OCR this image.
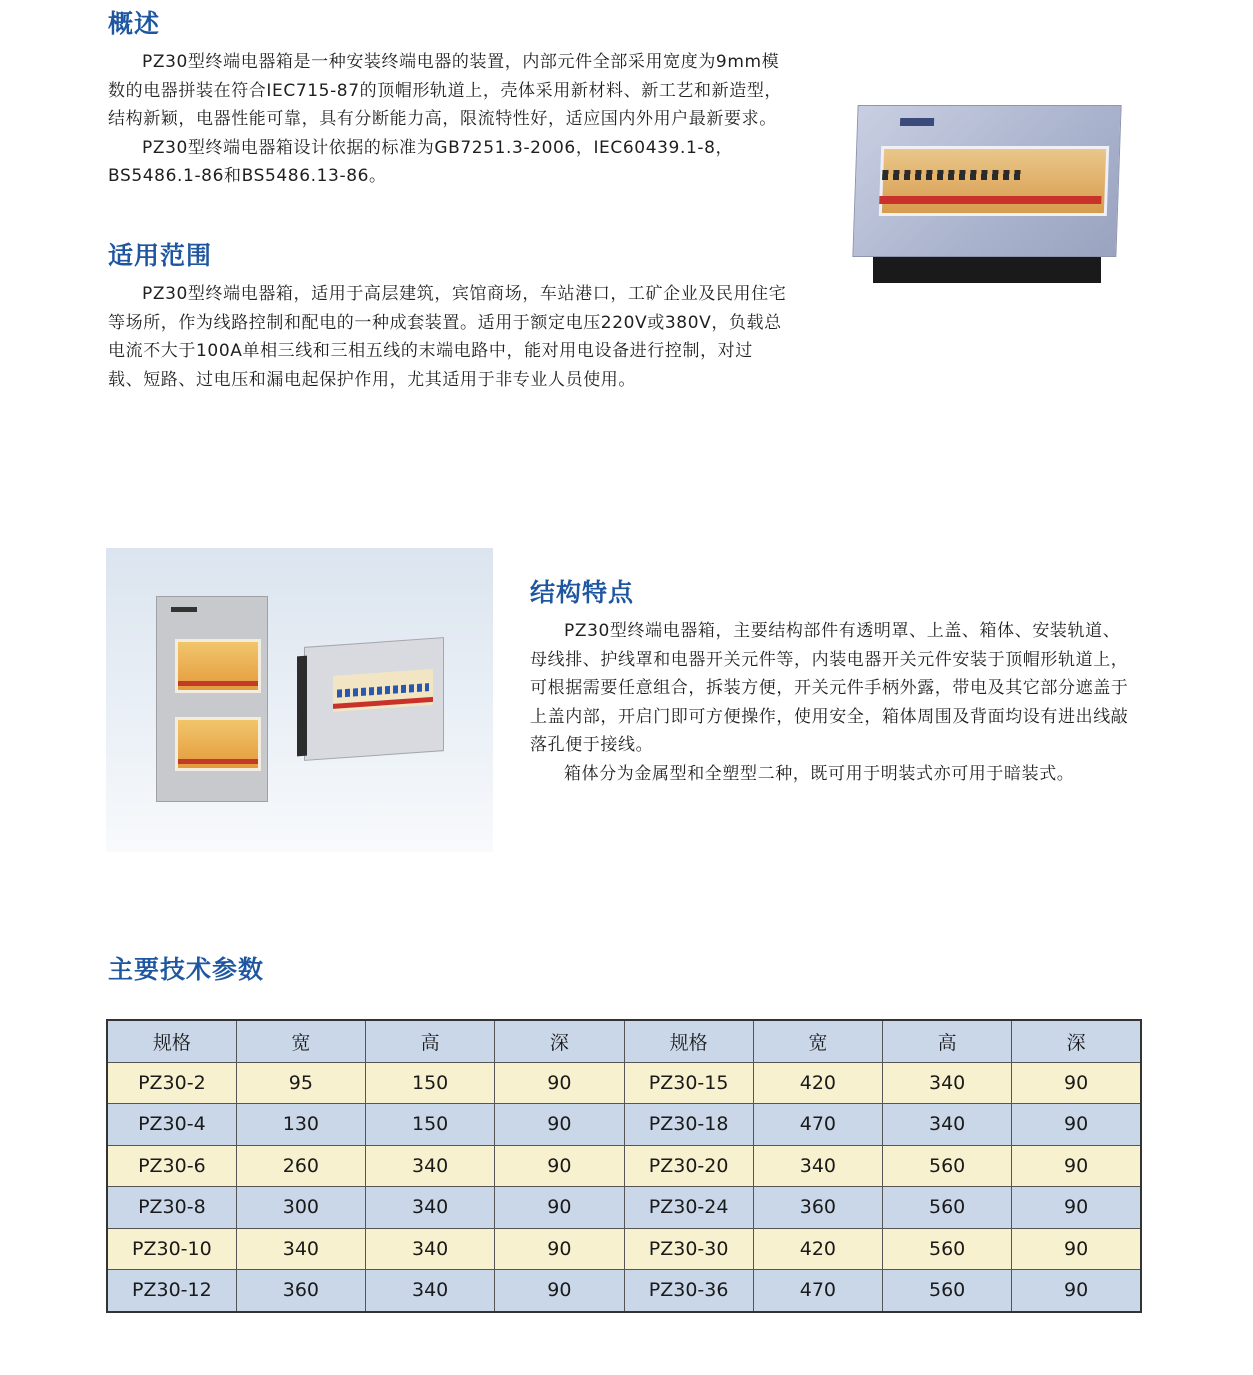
概述

PZ30型终端电器箱是一种安装终端电器的装置，内部元件全部采用宽度为9mm模数的电器拼装在符合IEC715-87的顶帽形轨道上，壳体采用新材料、新工艺和新造型，结构新颖，电器性能可靠，具有分断能力高，限流特性好，适应国内外用户最新要求。

PZ30型终端电器箱设计依据的标准为GB7251.3-2006，IEC60439.1-8，BS5486.1-86和BS5486.13-86。

适用范围

PZ30型终端电器箱，适用于高层建筑，宾馆商场，车站港口，工矿企业及民用住宅等场所，作为线路控制和配电的一种成套装置。适用于额定电压220V或380V，负载总电流不大于100A单相三线和三相五线的末端电路中，能对用电设备进行控制，对过载、短路、过电压和漏电起保护作用，尤其适用于非专业人员使用。

结构特点

PZ30型终端电器箱，主要结构部件有透明罩、上盖、箱体、安装轨道、母线排、护线罩和电器开关元件等，内装电器开关元件安装于顶帽形轨道上，可根据需要任意组合，拆装方便，开关元件手柄外露，带电及其它部分遮盖于上盖内部，开启门即可方便操作，使用安全，箱体周围及背面均设有进出线敲落孔便于接线。

箱体分为金属型和全塑型二种，既可用于明装式亦可用于暗装式。

主要技术参数
规格	宽	高	深	规格	宽	高	深
PZ30-2	95	150	90	PZ30-15	420	340	90
PZ30-4	130	150	90	PZ30-18	470	340	90
PZ30-6	260	340	90	PZ30-20	340	560	90
PZ30-8	300	340	90	PZ30-24	360	560	90
PZ30-10	340	340	90	PZ30-30	420	560	90
PZ30-12	360	340	90	PZ30-36	470	560	90
